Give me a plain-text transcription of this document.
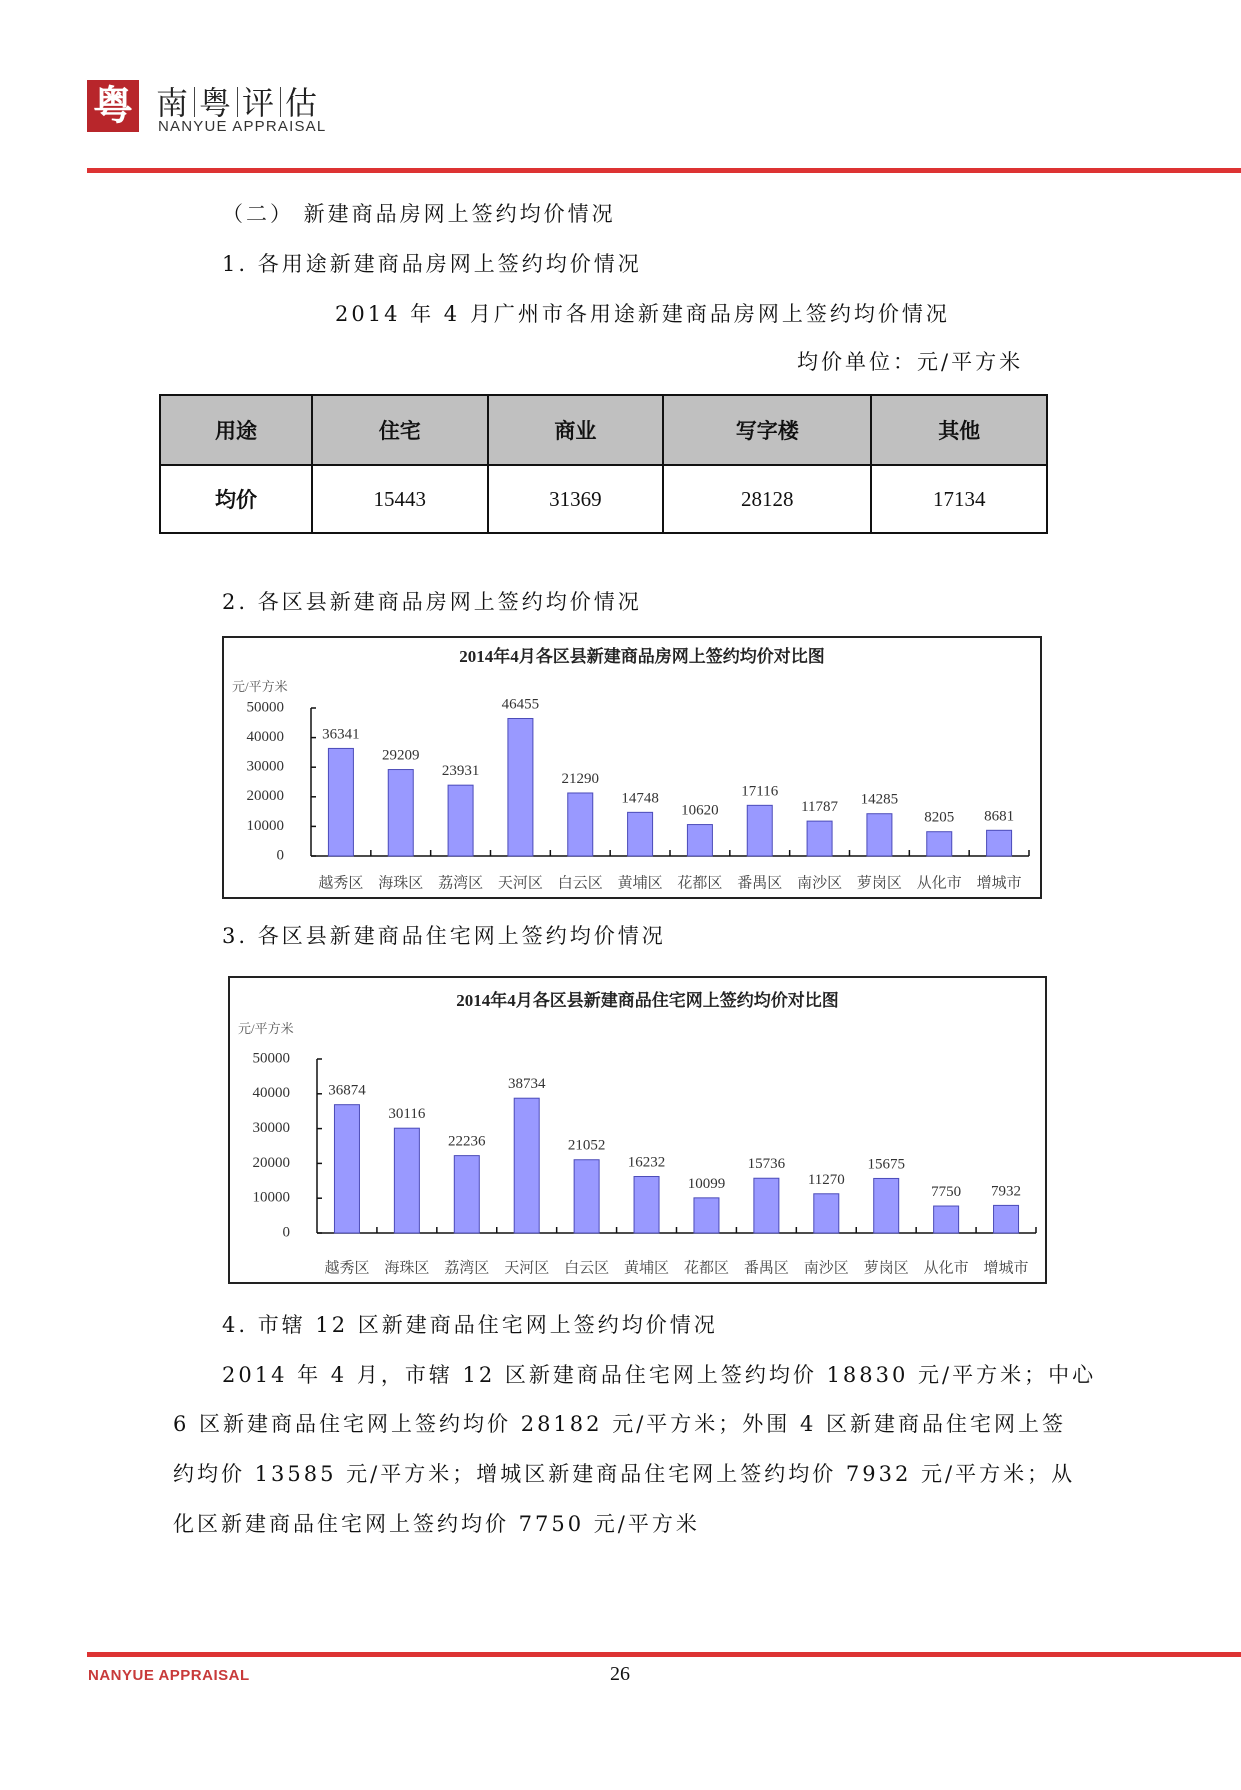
粤 南 粤 评 估
NANYUE APPRAISAL
（二） 新建商品房网上签约均价情况
1. 各用途新建商品房网上签约均价情况
2014 年 4 月广州市各用途新建商品房网上签约均价情况
均价单位：元/平方米
用途	住宅	商业	写字楼	其他
均价	15443	31369	28128	17134
2. 各区县新建商品房网上签约均价情况
2014年4月各区县新建商品房网上签约均价对比图
元/平方米
50000
40000
30000
20000
10000
0
36341
越秀区
29209
海珠区
23931
荔湾区
46455
天河区
21290
白云区
14748
黄埔区
10620
花都区
17116
番禺区
11787
南沙区
14285
萝岗区
8205
从化市
8681
增城市
3. 各区县新建商品住宅网上签约均价情况
2014年4月各区县新建商品住宅网上签约均价对比图
元/平方米
50000
40000
30000
20000
10000
0
36874
越秀区
30116
海珠区
22236
荔湾区
38734
天河区
21052
白云区
16232
黄埔区
10099
花都区
15736
番禺区
11270
南沙区
15675
萝岗区
7750
从化市
7932
增城市
4. 市辖 12 区新建商品住宅网上签约均价情况
2014 年 4 月，市辖 12 区新建商品住宅网上签约均价 18830 元/平方米；中心
6 区新建商品住宅网上签约均价 28182 元/平方米；外围 4 区新建商品住宅网上签
约均价 13585 元/平方米；增城区新建商品住宅网上签约均价 7932 元/平方米；从
化区新建商品住宅网上签约均价 7750 元/平方米
NANYUE APPRAISAL	26
